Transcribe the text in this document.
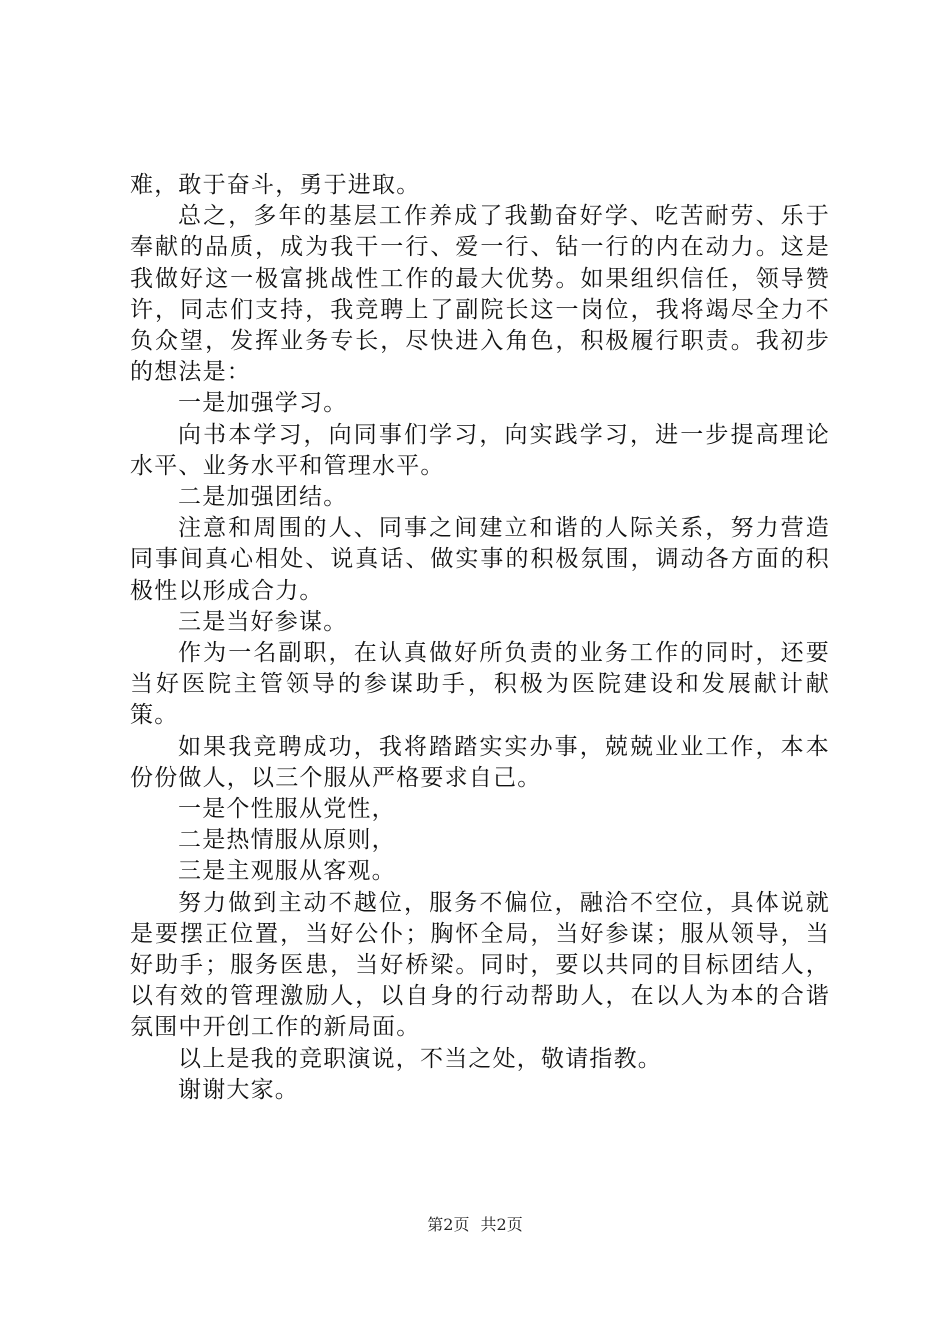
难，敢于奋斗，勇于进取。

总之，多年的基层工作养成了我勤奋好学、吃苦耐劳、乐于奉献的品质，成为我干一行、爱一行、钻一行的内在动力。这是我做好这一极富挑战性工作的最大优势。如果组织信任，领导赞许，同志们支持，我竞聘上了副院长这一岗位，我将竭尽全力不负众望，发挥业务专长，尽快进入角色，积极履行职责。我初步的想法是：

一是加强学习。

向书本学习，向同事们学习，向实践学习，进一步提高理论水平、业务水平和管理水平。

二是加强团结。

注意和周围的人、同事之间建立和谐的人际关系，努力营造同事间真心相处、说真话、做实事的积极氛围，调动各方面的积极性以形成合力。

三是当好参谋。

作为一名副职，在认真做好所负责的业务工作的同时，还要当好医院主管领导的参谋助手，积极为医院建设和发展献计献策。

如果我竞聘成功，我将踏踏实实办事，兢兢业业工作，本本份份做人，以三个服从严格要求自己。

一是个性服从党性，

二是热情服从原则，

三是主观服从客观。

努力做到主动不越位，服务不偏位，融洽不空位，具体说就是要摆正位置，当好公仆；胸怀全局，当好参谋；服从领导，当好助手；服务医患，当好桥梁。同时，要以共同的目标团结人，以有效的管理激励人，以自身的行动帮助人，在以人为本的合谐氛围中开创工作的新局面。

以上是我的竞职演说，不当之处，敬请指教。

谢谢大家。

第2页 共2页
